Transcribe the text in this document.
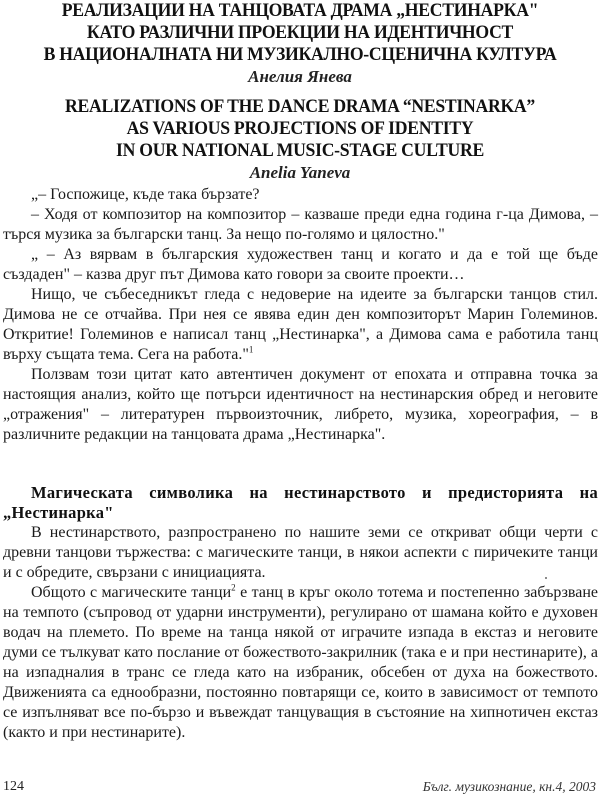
РЕАЛИЗАЦИИ НА ТАНЦОВАТА ДРАМА „НЕСТИНАРКА"
КАТО РАЗЛИЧНИ ПРОЕКЦИИ НА ИДЕНТИЧНОСТ
В НАЦИОНАЛНАТА НИ МУЗИКАЛНО-СЦЕНИЧНА КУЛТУРА
Анелия Янева
REALIZATIONS OF THE DANCE DRAMA “NESTINARKA”
AS VARIOUS PROJECTIONS OF IDENTITY
IN OUR NATIONAL MUSIC-STAGE CULTURE
Anelia Yaneva

„– Госпожице, къде така бързате?

– Ходя от композитор на композитор – казваше преди една година г-ца Димова, – търся музика за български танц. За нещо по-голямо и цялостно."

„ – Аз вярвам в българския художествен танц и когато и да е той ще бъде създаден" – казва друг път Димова като говори за своите проекти…

Нищо, че събеседникът гледа с недоверие на идеите за български танцов стил. Димова не се отчайва. При нея се явява един ден композиторът Марин Големинов. Откритие! Големинов е написал танц „Нестинарка", а Димова сама е работила танц върху същата тема. Сега на работа."$^1$

Ползвам този цитат като автентичен документ от епохата и отправна точка за настоящия анализ, който ще потърси идентичност на нестинарския обред и неговите „отражения" – литературен първоизточник, либрето, музика, хореография, – в различните редакции на танцовата драма „Нестинарка".

Магическата символика на нестинарството и предисторията на „Нестинарка"

В нестинарството, разпространено по нашите земи се откриват общи черти с древни танцови тържества: с магическите танци, в някои аспекти с пиричеките танци и с обредите, свързани с инициацията.

Общото с магическите танци$^2$ е танц в кръг около тотема и постепенно забързване на темпото (съпровод от ударни инструменти), регулирано от шамана който е духовен водач на племето. По време на танца някой от играчите изпада в екстаз и неговите думи се тълкуват като послание от божеството-закрилник (така е и при нестинарите), а на изпадналия в транс се гледа като на избраник, обсебен от духа на божеството. Движенията са еднообразни, постоянно повтарящи се, които в зависимост от темпото се изпълняват все по-бързо и въвеждат танцуващия в състояние на хипнотичен екстаз (както и при нестинарите).

124	Бълг. музикознание, кн.4, 2003
